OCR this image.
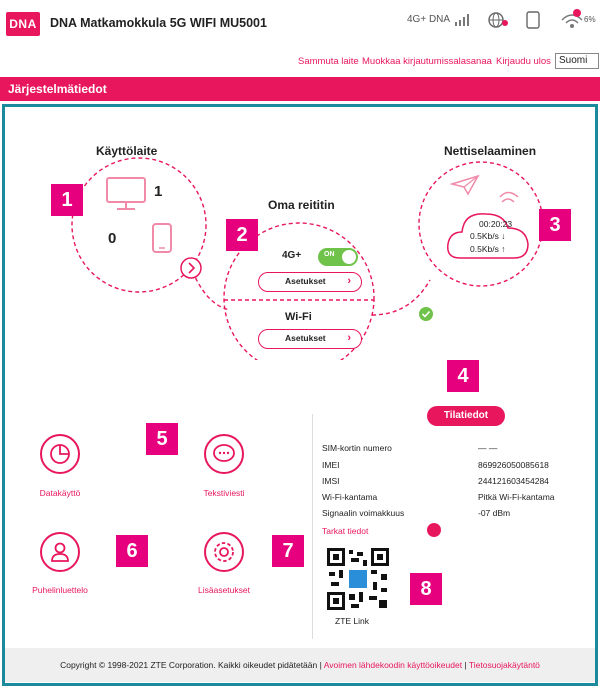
DNA DNA Matkamokkula 5G WIFI MU5001	4G+ DNA	6%
Sammuta laite Muokkaa kirjautumissalasanaa Kirjaudu ulos Suomi
Järjestelmätiedot
Käyttölaite
1
0
Oma reititin
4G+	ON
Asetukset ›
Wi-Fi
Asetukset ›
Nettiselaaminen
00:20:23
0.5Kb/s ↓
0.5Kb/s ↑
1
2	3
4
5
6	7
8
Datakäyttö	Tekstiviesti
Puhelinluettelo	Lisäasetukset
Tilatiedot
SIM-kortin numero	— —
IMEI	869926050085618
IMSI	244121603454284
Wi-Fi-kantama	Pitkä Wi-Fi-kantama
Signaalin voimakkuus	-07 dBm
Tarkat tiedot
ZTE Link
Copyright © 1998-2021 ZTE Corporation. Kaikki oikeudet pidätetään | Avoimen lähdekoodin käyttöoikeudet | Tietosuojakäytäntö
